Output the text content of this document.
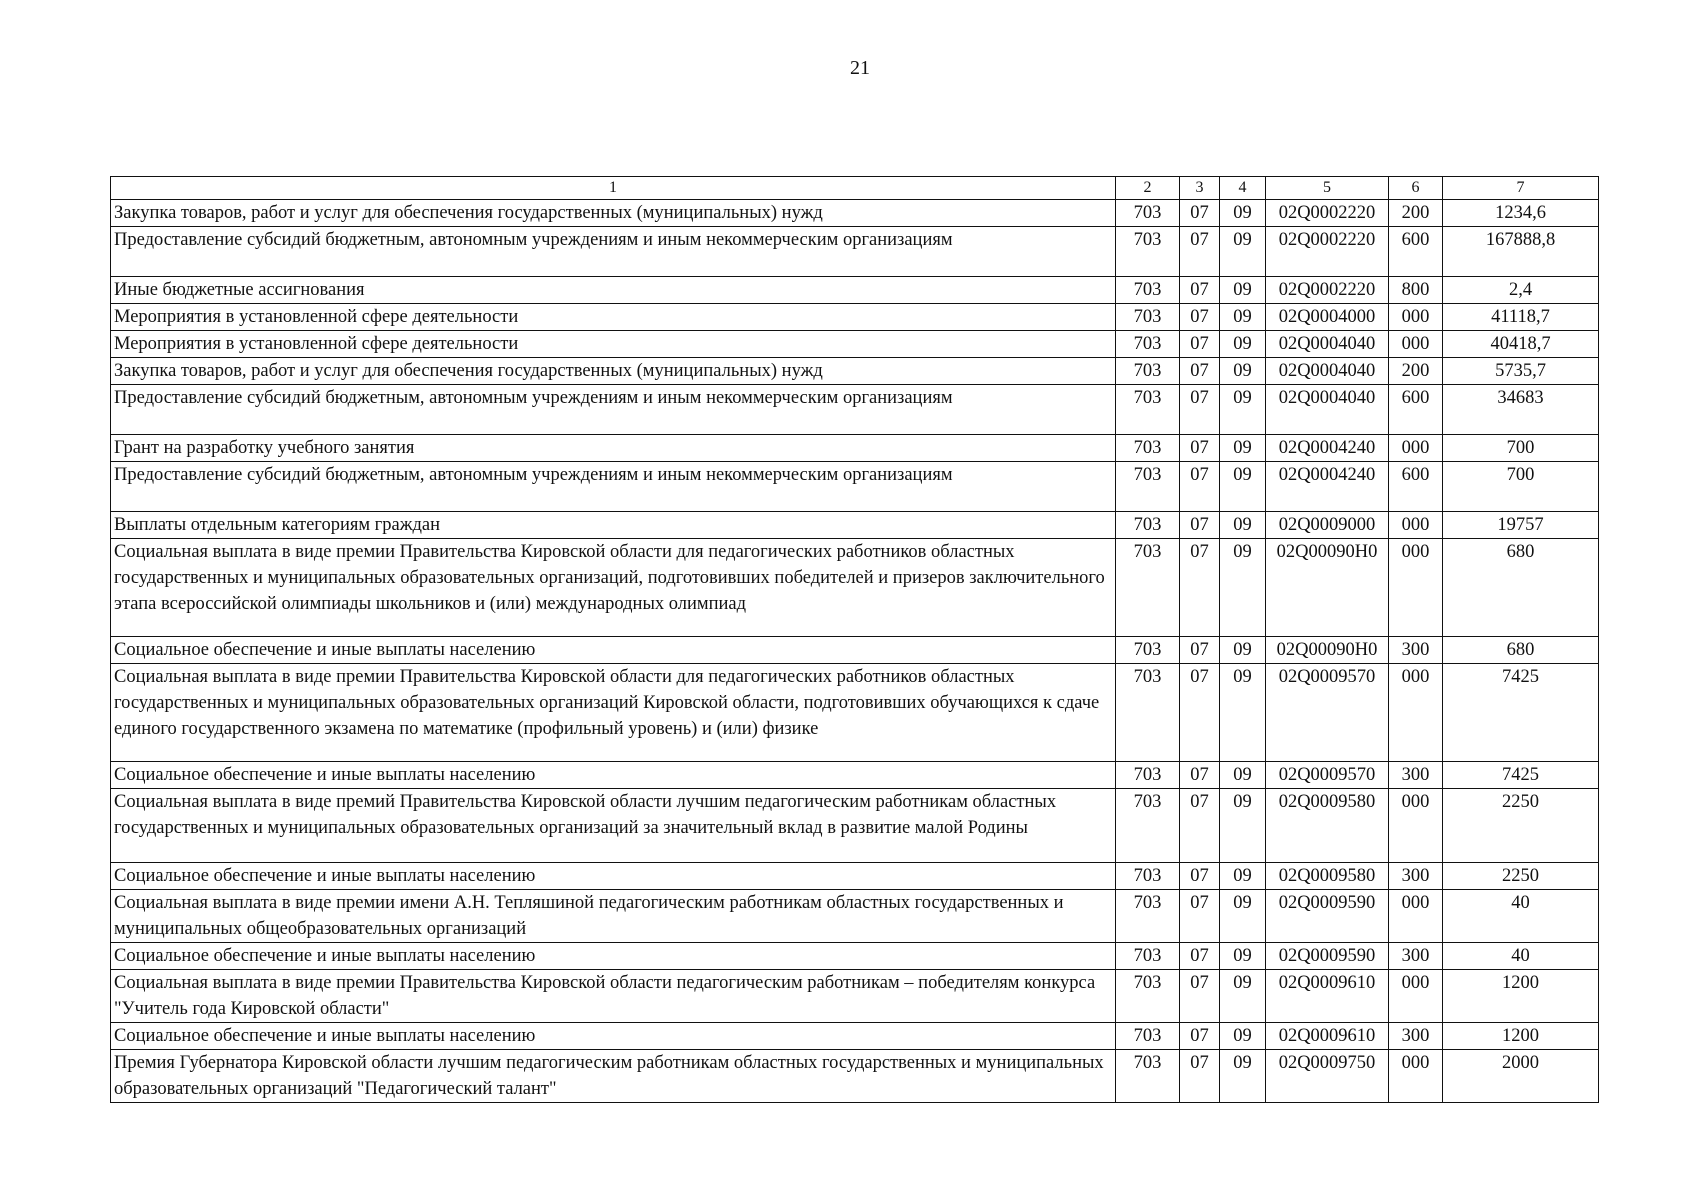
21
1	2	3	4	5	6	7
Закупка товаров, работ и услуг для обеспечения государственных (муниципальных) нужд	703	07	09	02Q0002220	200	1234,6
Предоставление субсидий бюджетным, автономным учреждениям и иным некоммерческим организациям	703	07	09	02Q0002220	600	167888,8
Иные бюджетные ассигнования	703	07	09	02Q0002220	800	2,4
Мероприятия в установленной сфере деятельности	703	07	09	02Q0004000	000	41118,7
Мероприятия в установленной сфере деятельности	703	07	09	02Q0004040	000	40418,7
Закупка товаров, работ и услуг для обеспечения государственных (муниципальных) нужд	703	07	09	02Q0004040	200	5735,7
Предоставление субсидий бюджетным, автономным учреждениям и иным некоммерческим организациям	703	07	09	02Q0004040	600	34683
Грант на разработку учебного занятия	703	07	09	02Q0004240	000	700
Предоставление субсидий бюджетным, автономным учреждениям и иным некоммерческим организациям	703	07	09	02Q0004240	600	700
Выплаты отдельным категориям граждан	703	07	09	02Q0009000	000	19757
Социальная выплата в виде премии Правительства Кировской области для педагогических работников областных государственных и муниципальных образовательных организаций, подготовивших победителей и призеров заключительного этапа всероссийской олимпиады школьников и (или) международных олимпиад	703	07	09	02Q00090H0	000	680
Социальное обеспечение и иные выплаты населению	703	07	09	02Q00090H0	300	680
Социальная выплата в виде премии Правительства Кировской области для педагогических работников областных государственных и муниципальных образовательных организаций Кировской области, подготовивших обучающихся к сдаче единого государственного экзамена по математике (профильный уровень) и (или) физике	703	07	09	02Q0009570	000	7425
Социальное обеспечение и иные выплаты населению	703	07	09	02Q0009570	300	7425
Социальная выплата в виде премий Правительства Кировской области лучшим педагогическим работникам областных государственных и муниципальных образовательных организаций за значительный вклад в развитие малой Родины	703	07	09	02Q0009580	000	2250
Социальное обеспечение и иные выплаты населению	703	07	09	02Q0009580	300	2250
Социальная выплата в виде премии имени А.Н. Тепляшиной педагогическим работникам областных государственных и муниципальных общеобразовательных организаций	703	07	09	02Q0009590	000	40
Социальное обеспечение и иные выплаты населению	703	07	09	02Q0009590	300	40
Социальная выплата в виде премии Правительства Кировской области педагогическим работникам – победителям конкурса "Учитель года Кировской области"	703	07	09	02Q0009610	000	1200
Социальное обеспечение и иные выплаты населению	703	07	09	02Q0009610	300	1200
Премия Губернатора Кировской области лучшим педагогическим работникам областных государственных и муниципальных образовательных организаций "Педагогический талант"	703	07	09	02Q0009750	000	2000
